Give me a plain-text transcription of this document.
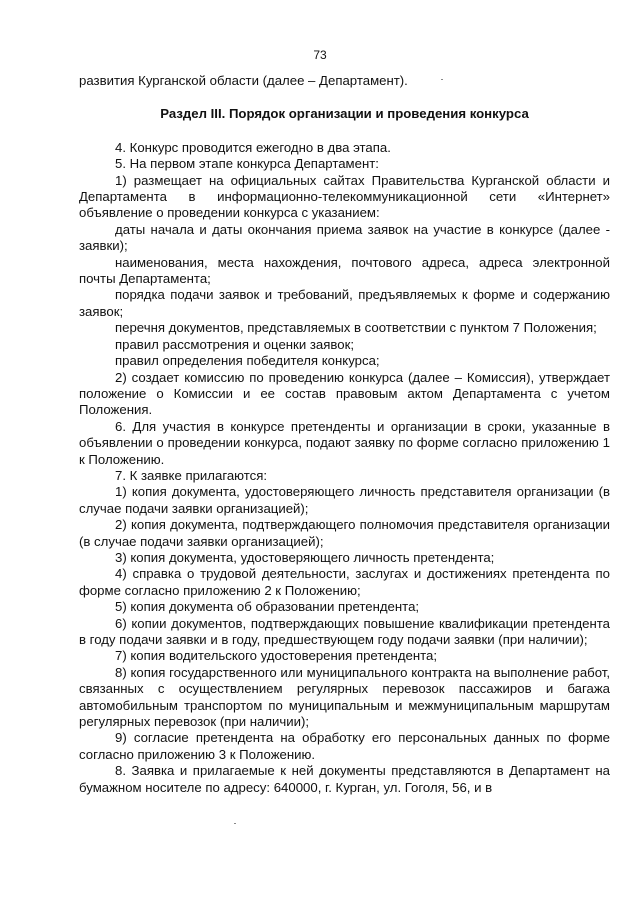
73

развития Курганской области (далее – Департамент).

Раздел III. Порядок организации и проведения конкурса

4. Конкурс проводится ежегодно в два этапа.

5. На первом этапе конкурса Департамент:

1) размещает на официальных сайтах Правительства Курганской области и Департамента в информационно-телекоммуникационной сети «Интернет» объявление о проведении конкурса с указанием:

даты начала и даты окончания приема заявок на участие в конкурсе (далее - заявки);

наименования, места нахождения, почтового адреса, адреса электронной почты Департамента;

порядка подачи заявок и требований, предъявляемых к форме и содержанию заявок;

перечня документов, представляемых в соответствии с пунктом 7 Положения;

правил рассмотрения и оценки заявок;

правил определения победителя конкурса;

2) создает комиссию по проведению конкурса (далее – Комиссия), утверждает положение о Комиссии и ее состав правовым актом Департамента с учетом Положения.

6. Для участия в конкурсе претенденты и организации в сроки, указанные в объявлении о проведении конкурса, подают заявку по форме согласно приложению 1 к Положению.

7. К заявке прилагаются:

1) копия документа, удостоверяющего личность представителя организации (в случае подачи заявки организацией);

2) копия документа, подтверждающего полномочия представителя организации (в случае подачи заявки организацией);

3) копия документа, удостоверяющего личность претендента;

4) справка о трудовой деятельности, заслугах и достижениях претендента по форме согласно приложению 2 к Положению;

5) копия документа об образовании претендента;

6) копии документов, подтверждающих повышение квалификации претендента в году подачи заявки и в году, предшествующем году подачи заявки (при наличии);

7) копия водительского удостоверения претендента;

8) копия государственного или муниципального контракта на выполнение работ, связанных с осуществлением регулярных перевозок пассажиров и багажа автомобильным транспортом по муниципальным и межмуниципальным маршрутам регулярных перевозок (при наличии);

9) согласие претендента на обработку его персональных данных по форме согласно приложению 3 к Положению.

8. Заявка и прилагаемые к ней документы представляются в Департамент на бумажном носителе по адресу: 640000, г. Курган, ул. Гоголя, 56, и в
